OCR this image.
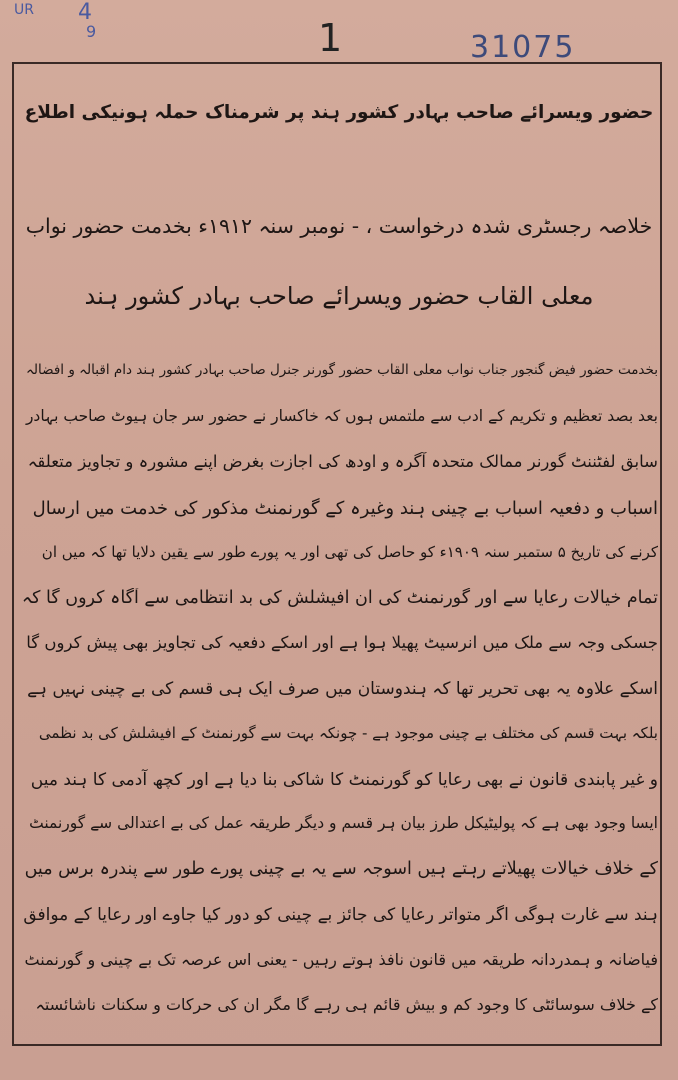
UR 4
9	1	31075
حضور ویسرائے صاحب بہادر کشور ہند پر شرمناک حملہ ہونیکی اطلاع
خلاصہ رجسٹری شدہ درخواست ، - نومبر سنہ ۱۹۱۲ء بخدمت حضور نواب
معلی القاب حضور ویسرائے صاحب بہادر کشور ہند
بخدمت حضور فیض گنجور جناب نواب معلی القاب حضور گورنر جنرل صاحب بہادر کشور ہند دام اقبالہ و افضالہ
بعد بصد تعظیم و تکریم کے ادب سے ملتمس ہوں کہ خاکسار نے حضور سر جان ہیوٹ صاحب بہادر
سابق لفٹننٹ گورنر ممالک متحدہ آگرہ و اودھ کی اجازت بغرض اپنے مشورہ و تجاویز متعلقہ
اسباب و دفعیہ اسباب بے چینی ہند وغیرہ کے گورنمنٹ مذکور کی خدمت میں ارسال
کرنے کی تاریخ ۵ ستمبر سنہ ۱۹۰۹ء کو حاصل کی تھی اور یہ پورے طور سے یقین دلایا تھا کہ میں ان
تمام خیالات رعایا سے اور گورنمنٹ کی ان افیشلش کی بد انتظامی سے آگاہ کروں گا کہ
جسکی وجہ سے ملک میں انرسیٹ پھیلا ہوا ہے اور اسکے دفعیہ کی تجاویز بھی پیش کروں گا
اسکے علاوہ یہ بھی تحریر تھا کہ ہندوستان میں صرف ایک ہی قسم کی بے چینی نہیں ہے
بلکہ بہت قسم کی مختلف بے چینی موجود ہے - چونکہ بہت سے گورنمنٹ کے افیشلش کی بد نظمی
و غیر پابندی قانون نے بھی رعایا کو گورنمنٹ کا شاکی بنا دیا ہے اور کچھ آدمی کا ہند میں
ایسا وجود بھی ہے کہ پولیٹیکل طرز بیان ہر قسم و دیگر طریقہ عمل کی بے اعتدالی سے گورنمنٹ
کے خلاف خیالات پھیلاتے رہتے ہیں اسوجہ سے یہ بے چینی پورے طور سے پندرہ برس میں
ہند سے غارت ہوگی اگر متواتر رعایا کی جائز بے چینی کو دور کیا جاوے اور رعایا کے موافق
فیاضانہ و ہمدردانہ طریقہ میں قانون نافذ ہوتے رہیں - یعنی اس عرصہ تک بے چینی و گورنمنٹ
کے خلاف سوسائٹی کا وجود کم و بیش قائم ہی رہے گا مگر ان کی حرکات و سکنات ناشائستہ
